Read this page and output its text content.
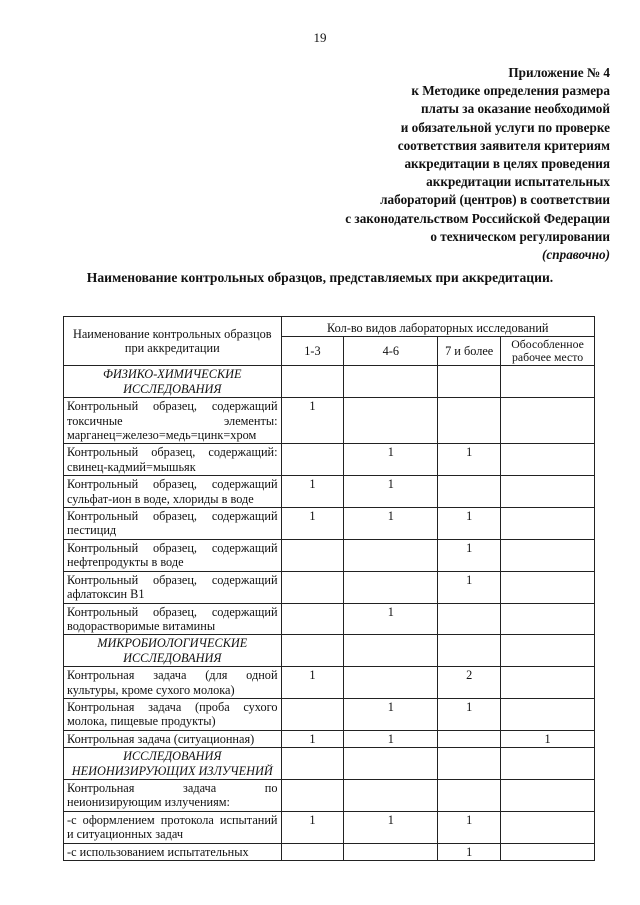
19
Приложение № 4
к Методике определения размера
платы за оказание необходимой
и обязательной услуги по проверке
соответствия заявителя критериям
аккредитации в целях проведения
аккредитации испытательных
лабораторий (центров) в соответствии
с законодательством Российской Федерации
о техническом регулировании
(справочно)
Наименование контрольных образцов, представляемых при аккредитации.
Наименование контрольных образцов при аккредитации	Кол-во видов лабораторных исследований			
	1-3	4-6	7 и более	Обособленное рабочее место
ФИЗИКО-ХИМИЧЕСКИЕ ИССЛЕДОВАНИЯ				
Контрольный образец, содержащий токсичные элементы: марганец=железо=медь=цинк=хром	1			
Контрольный образец, содержащий: свинец-кадмий=мышьяк		1	1	
Контрольный образец, содержащий сульфат-ион в воде, хлориды в воде	1	1		
Контрольный образец, содержащий пестицид	1	1	1	
Контрольный образец, содержащий нефтепродукты в воде			1	
Контрольный образец, содержащий афлатоксин В1			1	
Контрольный образец, содержащий водорастворимые витамины		1		
МИКРОБИОЛОГИЧЕСКИЕ ИССЛЕДОВАНИЯ				
Контрольная задача (для одной культуры, кроме сухого молока)	1		2	
Контрольная задача (проба сухого молока, пищевые продукты)		1	1	
Контрольная задача (ситуационная)	1	1		1
ИССЛЕДОВАНИЯ НЕИОНИЗИРУЮЩИХ ИЗЛУЧЕНИЙ				
Контрольная задача по неионизирующим излучениям:				
-с оформлением протокола испытаний и ситуационных задач	1	1	1	
-с использованием испытательных			1	
